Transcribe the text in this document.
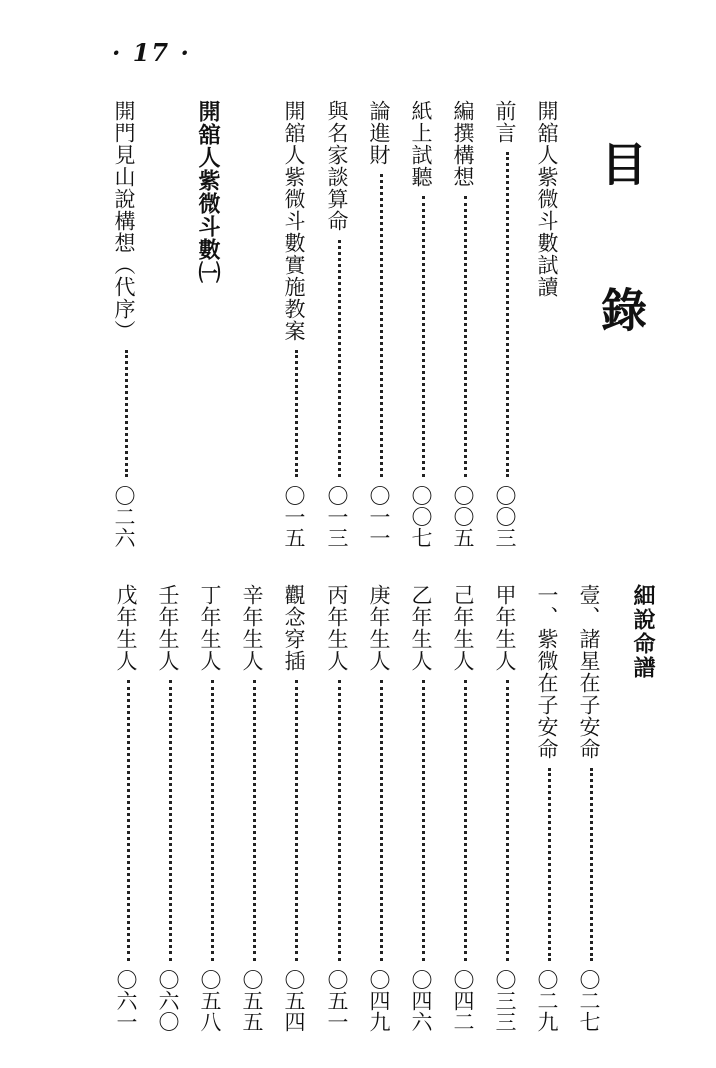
· 17 ·
目錄
開舘人紫微斗數試讀
前言
〇〇三
編撰構想
〇〇五
紙上試聽
〇〇七
論進財
〇一一
與名家談算命
〇一三
開舘人紫微斗數實施教案
〇一五
開舘人紫微斗數㈠
開門見山說構想（代序）
〇二六
細說命譜
壹、諸星在子安命
〇二七
一、紫微在子安命
〇二九
甲年生人
〇三三
己年生人
〇四二
乙年生人
〇四六
庚年生人
〇四九
丙年生人
〇五一
觀念穿插
〇五四
辛年生人
〇五五
丁年生人
〇五八
壬年生人
〇六〇
戊年生人
〇六一
